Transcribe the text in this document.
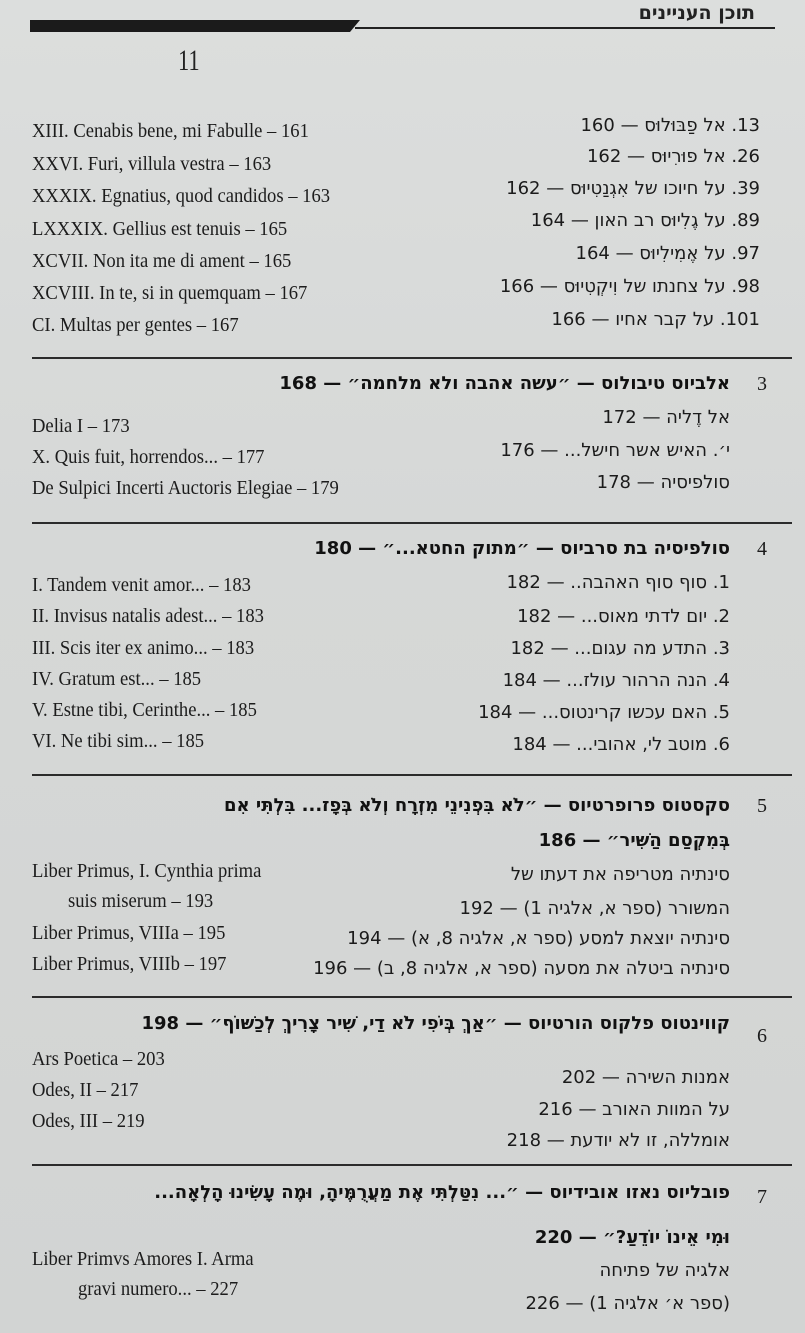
תוכן העניינים
11
XIII. Cenabis bene, mi Fabulle – 161
XXVI. Furi, villula vestra – 163
XXXIX. Egnatius, quod candidos – 163
LXXXIX. Gellius est tenuis – 165
XCVII. Non ita me di ament – 165
XCVIII. In te, si in quemquam – 167
CI. Multas per gentes – 167
13. אל פַבּוּלוּס — 160
26. אל פוּרִיוּס — 162
39. על חיוכו של אִגְנַטִיוּס — 162
89. על גֶלִיוּס רב האון — 164
97. על אֶמִילִיוּס — 164
98. על צחנתו של וִיקְטִיוּס — 166
101. על קבר אחיו — 166
3
אלביוס טיבולוס — ״עשה אהבה ולא מלחמה״ — 168
Delia I – 173
X. Quis fuit, horrendos... – 177
De Sulpici Incerti Auctoris Elegiae – 179
אל דֶליה — 172
י׳. האיש אשר חישל... — 176
סולפיסיה — 178
4
סולפיסיה בת סרביוס — ״מתוק החטא...״ — 180
I. Tandem venit amor... – 183
II. Invisus natalis adest... – 183
III. Scis iter ex animo... – 183
IV. Gratum est... – 185
V. Estne tibi, Cerinthe... – 185
VI. Ne tibi sim... – 185
1. סוף סוף האהבה.. — 182
2. יום לדתי מאוס... — 182
3. התדע מה עגום... — 182
4. הנה הרהור עולז... — 184
5. האם עכשו קרינטוס... — 184
6. מוטב לי, אהובי... — 184
5
סקסטוס פרופרטיוס — ״לֹא בִּפְנִינֵי מִזְרָח וְלֹא בְּפָז... בִּלְתִּי אִם
בְּמִקְסַם הַשִּׁיר״ — 186
Liber Primus, I. Cynthia prima
suis miserum – 193
Liber Primus, VIIIa – 195
Liber Primus, VIIIb – 197
סינתיה מטריפה את דעתו של
המשורר (ספר א, אלגיה 1) — 192
סינתיה יוצאת למסע (ספר א, אלגיה 8, א) — 194
סינתיה ביטלה את מסעה (ספר א, אלגיה 8, ב) — 196
6
קווינטוס פלקוס הורטיוס — ״אַךְ בְּיֹפִי לֹא דַי, שִׁיר צָרִיךְ לְכַשּׁוֹף״ — 198
Ars Poetica – 203
Odes, II – 217
Odes, III – 219
אמנות השירה — 202
על המוות האורב — 216
אומללה, זו לא יודעת — 218
7
פובליוס נאזו אובידיוס — ״... נִטַּלְתִּי אֶת מַעֲרֻמֶּיהָ, וּמֶה עָשִׂינוּ הָלְאָה...
וּמִי אֵינוֹ יוֹדֵעַ?״ — 220
Liber Primvs Amores I. Arma
gravi numero... – 227
אלגיה של פתיחה
(ספר א׳ אלגיה 1) — 226
